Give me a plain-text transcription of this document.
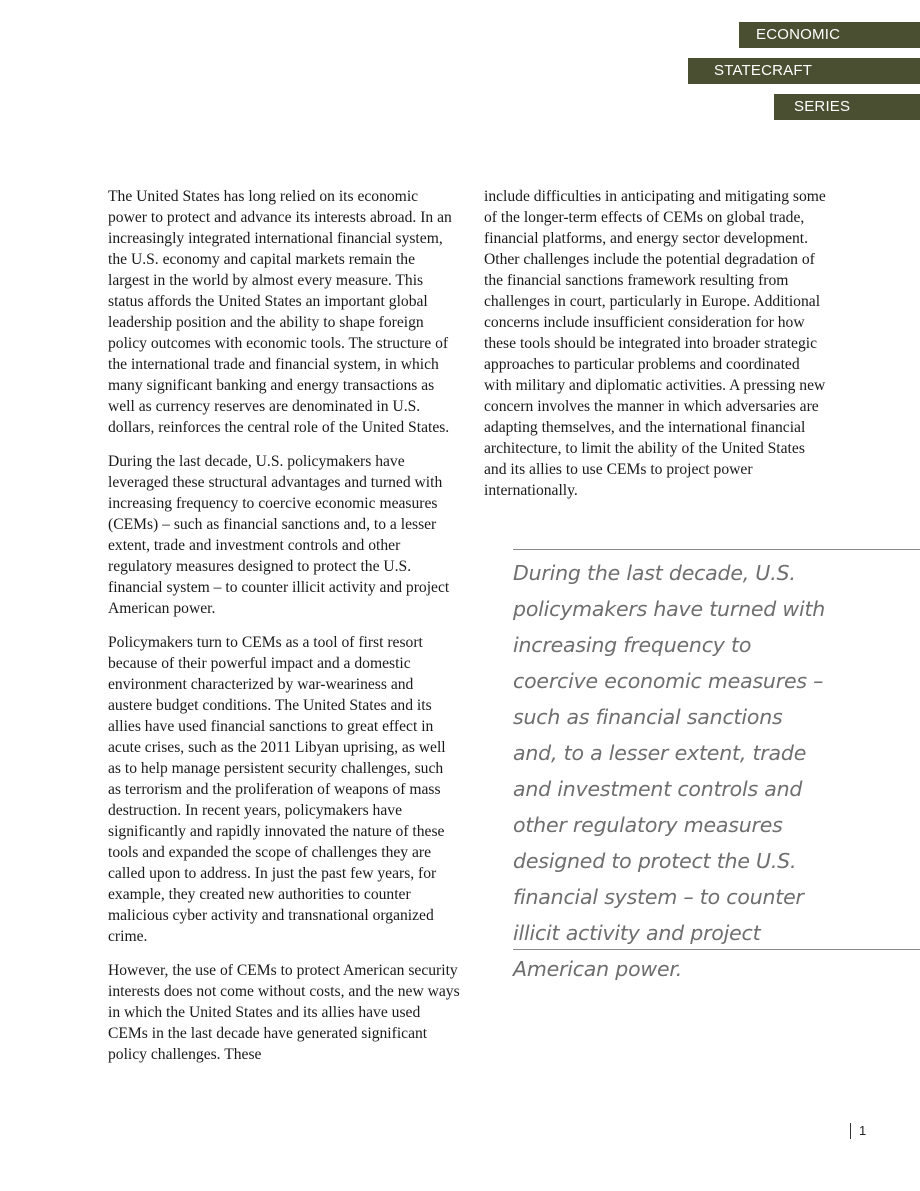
ECONOMIC
STATECRAFT
SERIES

The United States has long relied on its economic power to protect and advance its interests abroad. In an increasingly integrated international financial system, the U.S. economy and capital markets remain the largest in the world by almost every measure. This status affords the United States an important global leadership position and the ability to shape foreign policy outcomes with economic tools. The structure of the international trade and financial system, in which many significant banking and energy transactions as well as currency reserves are denominated in U.S. dollars, reinforces the central role of the United States.

During the last decade, U.S. policymakers have leveraged these structural advantages and turned with increasing frequency to coercive economic measures (CEMs) – such as financial sanctions and, to a lesser extent, trade and investment controls and other regulatory measures designed to protect the U.S. financial system – to counter illicit activity and project American power.

Policymakers turn to CEMs as a tool of first resort because of their powerful impact and a domestic environment characterized by war-weariness and austere budget conditions. The United States and its allies have used financial sanctions to great effect in acute crises, such as the 2011 Libyan uprising, as well as to help manage persistent security challenges, such as terrorism and the proliferation of weapons of mass destruction. In recent years, policymakers have significantly and rapidly innovated the nature of these tools and expanded the scope of challenges they are called upon to address. In just the past few years, for example, they created new authorities to counter malicious cyber activity and transnational organized crime.

However, the use of CEMs to protect American security interests does not come without costs, and the new ways in which the United States and its allies have used CEMs in the last decade have generated significant policy challenges. These

include difficulties in anticipating and mitigating some of the longer-term effects of CEMs on global trade, financial platforms, and energy sector development. Other challenges include the potential degradation of the financial sanctions framework resulting from challenges in court, particularly in Europe. Additional concerns include insufficient consideration for how these tools should be integrated into broader strategic approaches to particular problems and coordinated with military and diplomatic activities. A pressing new concern involves the manner in which adversaries are adapting themselves, and the international financial architecture, to limit the ability of the United States and its allies to use CEMs to project power internationally.

During the last decade, U.S. policymakers have turned with increasing frequency to coercive economic measures – such as financial sanctions and, to a lesser extent, trade and investment controls and other regulatory measures designed to protect the U.S. financial system – to counter illicit activity and project American power.

1
